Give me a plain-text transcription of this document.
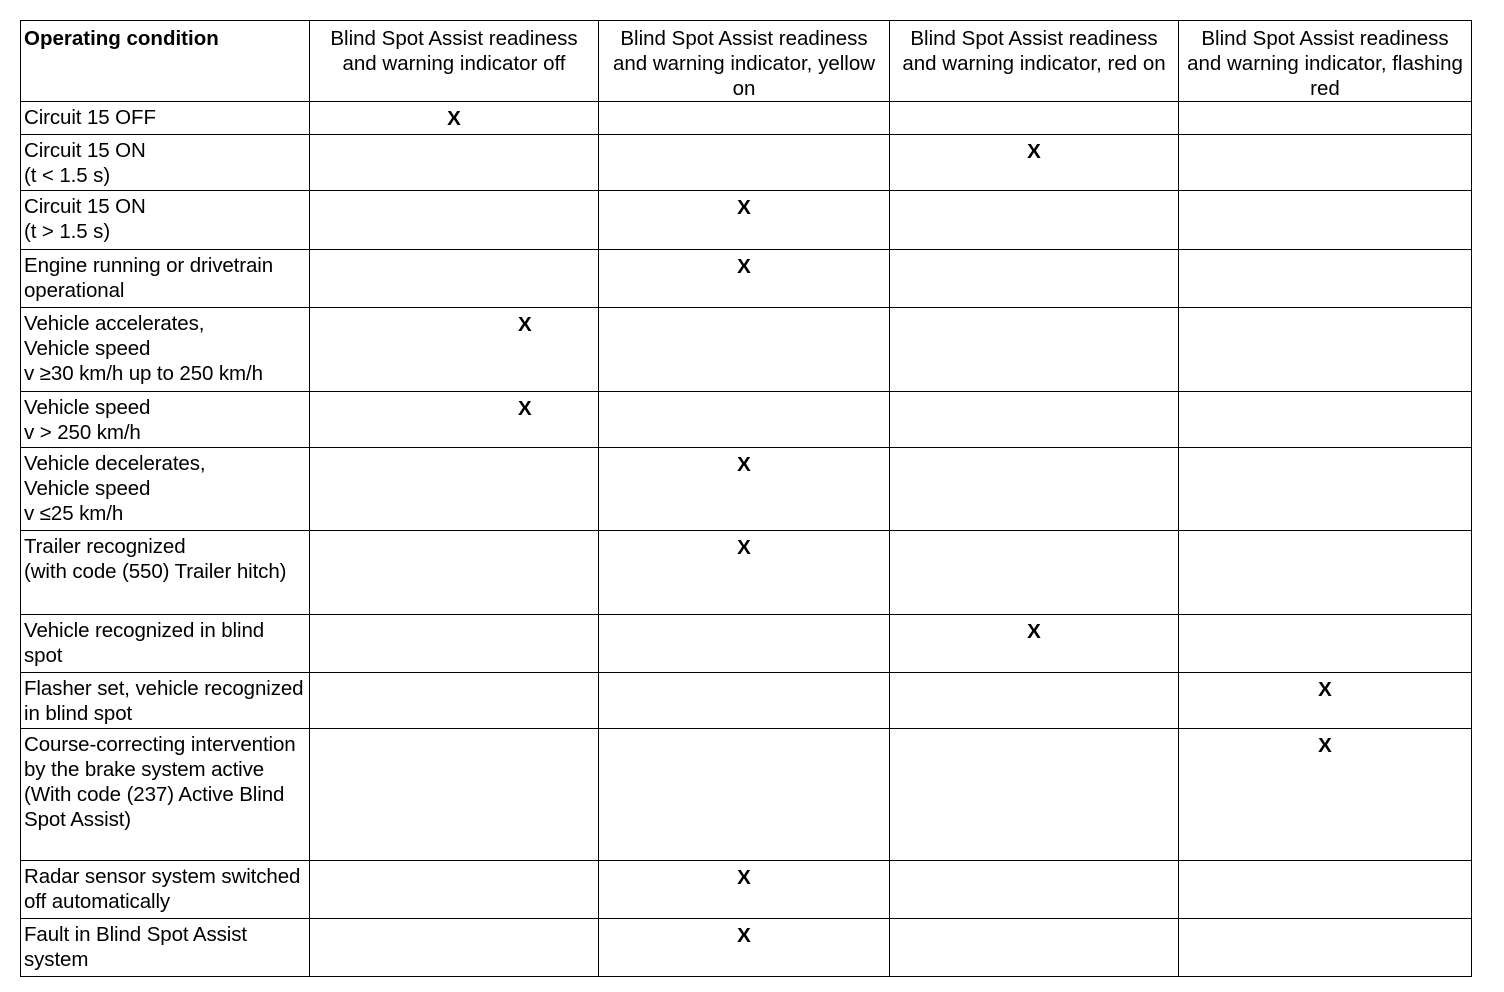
Operating condition	Blind Spot Assist readiness and warning indicator off	Blind Spot Assist readiness and warning indicator, yellow on	Blind Spot Assist readiness and warning indicator, red on	Blind Spot Assist readiness and warning indicator, flashing red
Circuit 15 OFF	X			
Circuit 15 ON
(t < 1.5 s)			X	
Circuit 15 ON
(t > 1.5 s)		X		
Engine running or drivetrain operational		X		
Vehicle accelerates,
Vehicle speed
v ≥30 km/h up to 250 km/h	X			
Vehicle speed
v > 250 km/h	X			
Vehicle decelerates,
Vehicle speed
v ≤25 km/h		X		
Trailer recognized
(with code (550) Trailer hitch)		X		
Vehicle recognized in blind spot			X	
Flasher set, vehicle recognized in blind spot				X
Course-correcting intervention by the brake system active
(With code (237) Active Blind Spot Assist)				X
Radar sensor system switched off automatically		X		
Fault in Blind Spot Assist system		X		
